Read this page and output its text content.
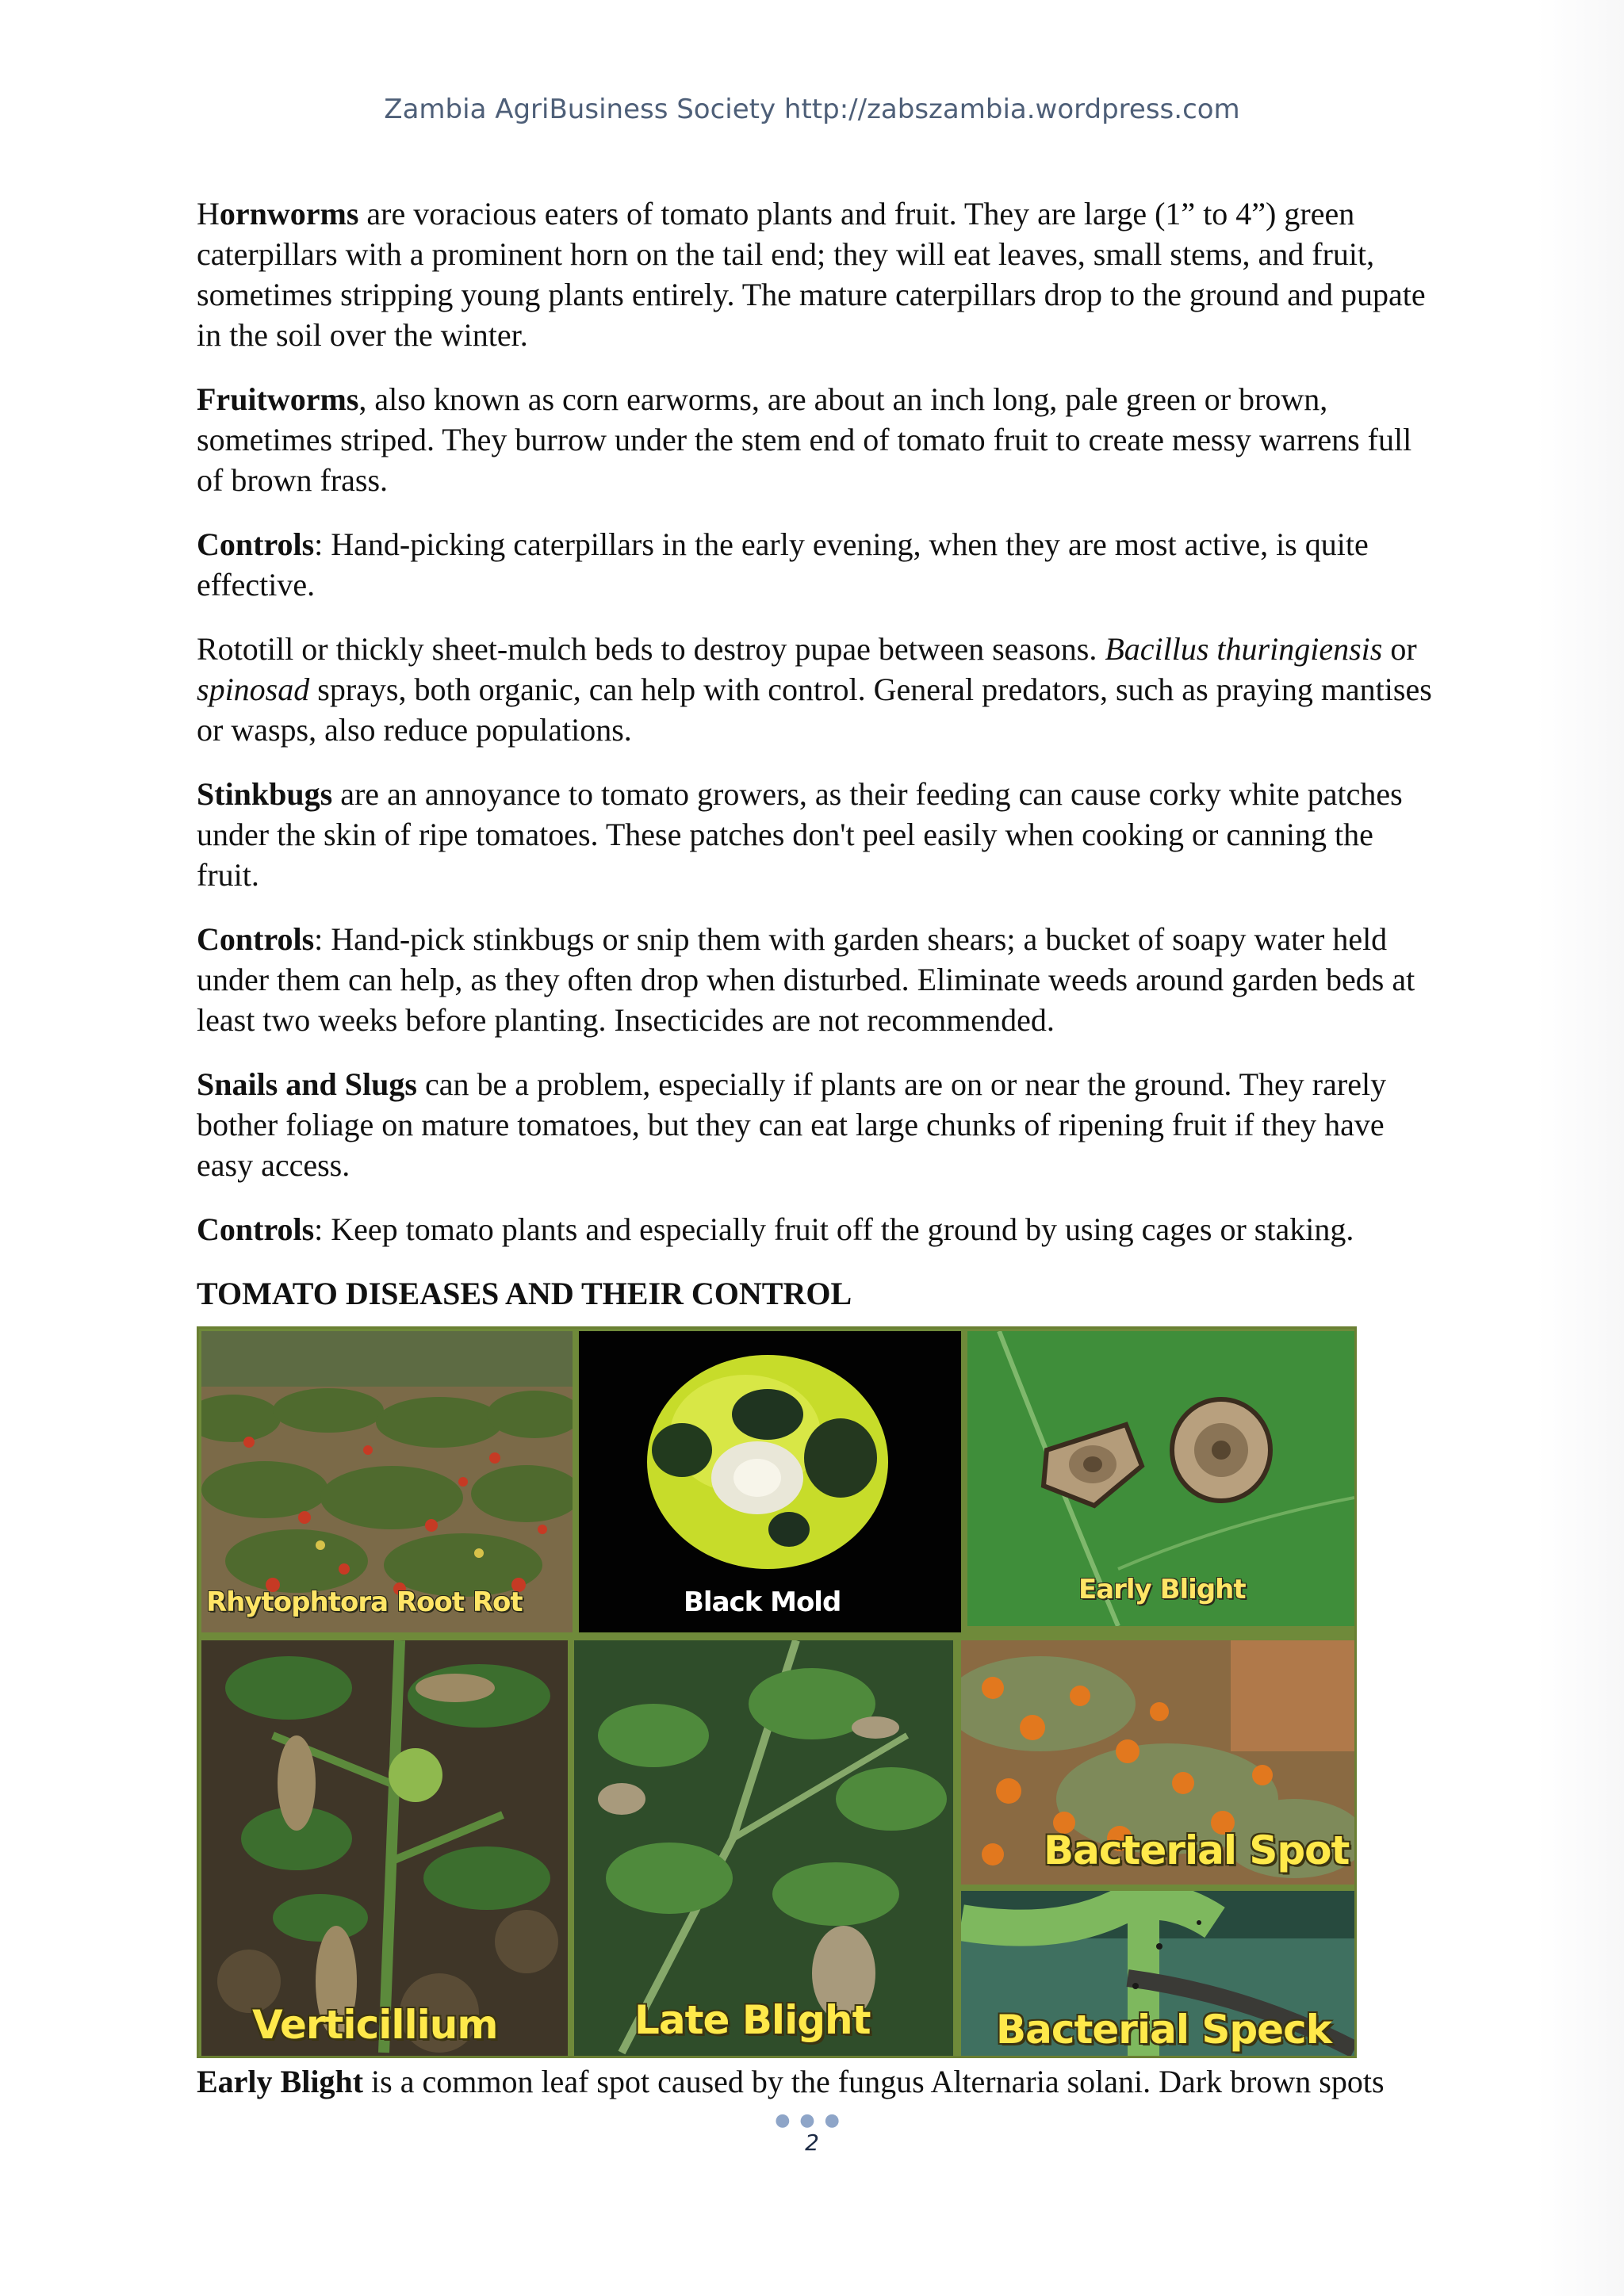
Zambia AgriBusiness Society http://zabszambia.wordpress.com

Hornworms are voracious eaters of tomato plants and fruit. They are large (1” to 4”) green caterpillars with a prominent horn on the tail end; they will eat leaves, small stems, and fruit, sometimes stripping young plants entirely. The mature caterpillars drop to the ground and pupate in the soil over the winter.

Fruitworms, also known as corn earworms, are about an inch long, pale green or brown, sometimes striped. They burrow under the stem end of tomato fruit to create messy warrens full of brown frass.

Controls: Hand-picking caterpillars in the early evening, when they are most active, is quite effective.

Rototill or thickly sheet-mulch beds to destroy pupae between seasons. Bacillus thuringiensis or spinosad sprays, both organic, can help with control. General predators, such as praying mantises or wasps, also reduce populations.

Stinkbugs are an annoyance to tomato growers, as their feeding can cause corky white patches under the skin of ripe tomatoes. These patches don't peel easily when cooking or canning the fruit.

Controls: Hand-pick stinkbugs or snip them with garden shears; a bucket of soapy water held under them can help, as they often drop when disturbed. Eliminate weeds around garden beds at least two weeks before planting. Insecticides are not recommended.

Snails and Slugs can be a problem, especially if plants are on or near the ground. They rarely bother foliage on mature tomatoes, but they can eat large chunks of ripening fruit if they have easy access.

Controls: Keep tomato plants and especially fruit off the ground by using cages or staking.

TOMATO DISEASES AND THEIR CONTROL
Rhytophtora Root Rot	Black Mold	Early Blight
Verticillium	Late Blight
Bacterial Spot
Bacterial Speck

Early Blight is a common leaf spot caused by the fungus Alternaria solani. Dark brown spots

●●●
2
